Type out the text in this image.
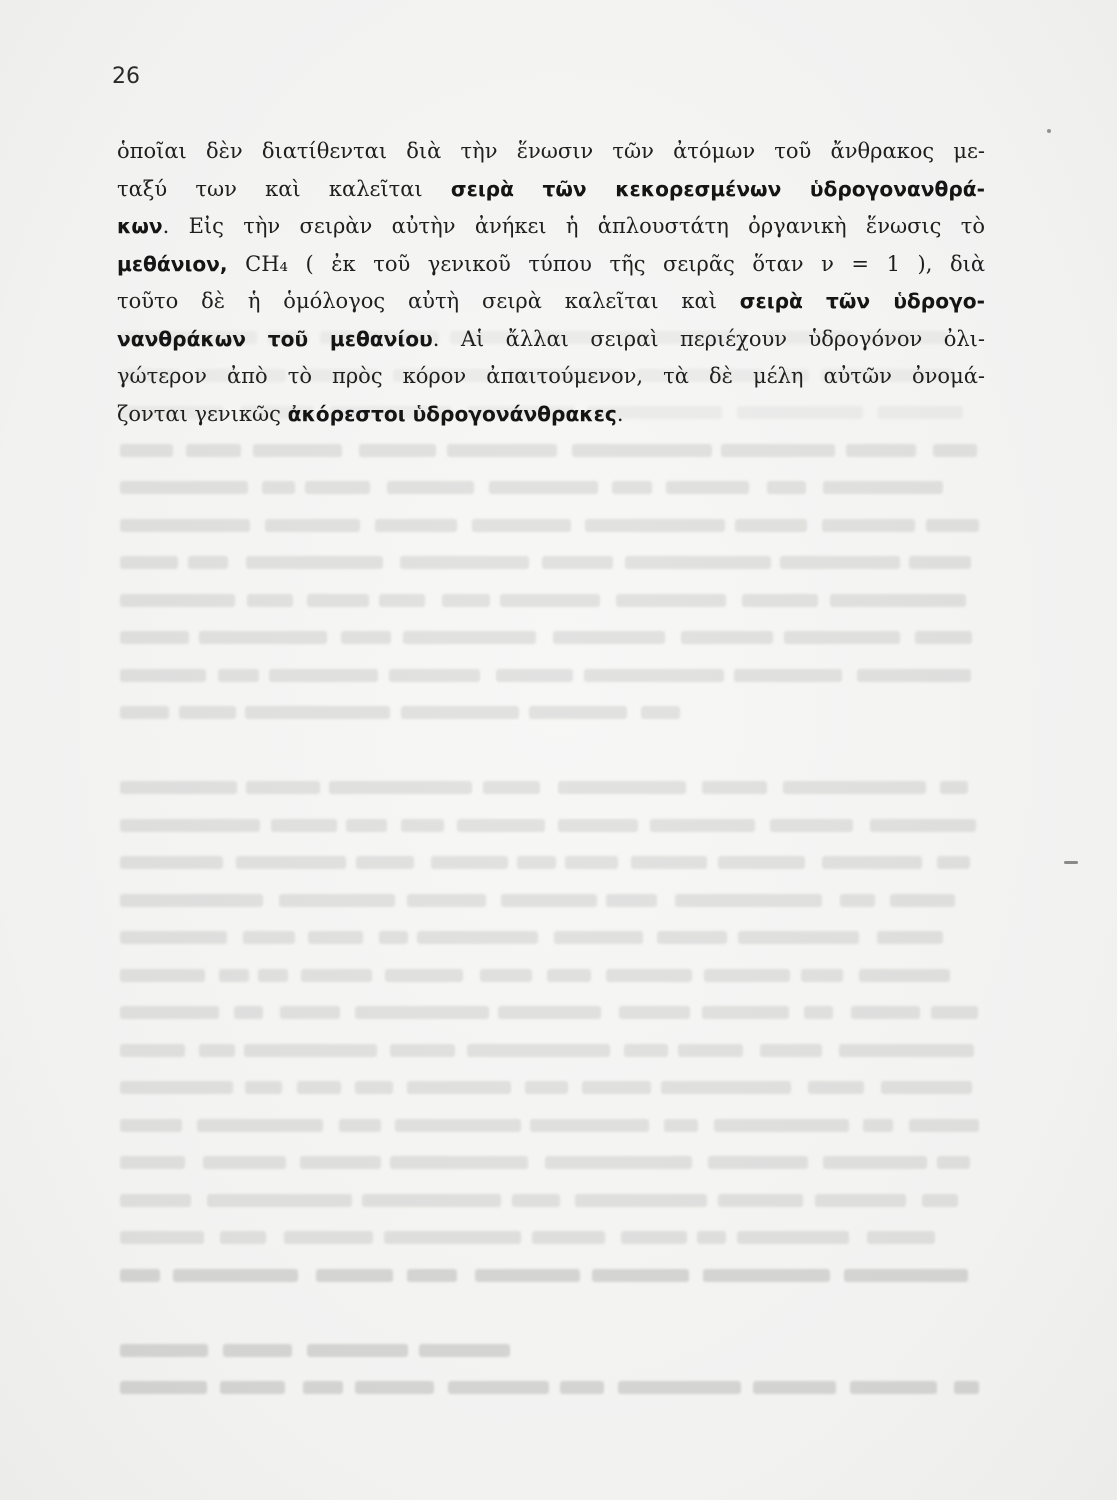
26
ὁποῖαι δὲν διατίθενται διὰ τὴν ἕνωσιν τῶν ἀτόμων τοῦ ἄνθρακος με-
ταξύ των καὶ καλεῖται σειρὰ τῶν κεκορεσμένων ὑδρογονανθρά-
κων. Εἰς τὴν σειρὰν αὐτὴν ἀνήκει ἡ ἁπλουστάτη ὀργανικὴ ἕνωσις τὸ
μεθάνιον, CH₄ ( ἐκ τοῦ γενικοῦ τύπου τῆς σειρᾶς ὅταν ν = 1 ), διὰ
τοῦτο δὲ ἡ ὁμόλογος αὐτὴ σειρὰ καλεῖται καὶ σειρὰ τῶν ὑδρογο-
νανθράκων τοῦ μεθανίου. Αἱ ἄλλαι σειραὶ περιέχουν ὑδρογόνον ὀλι-
γώτερον ἀπὸ τὸ πρὸς κόρον ἀπαιτούμενον, τὰ δὲ μέλη αὐτῶν ὀνομά-
ζονται γενικῶς ἀκόρεστοι ὑδρογονάνθρακες.
